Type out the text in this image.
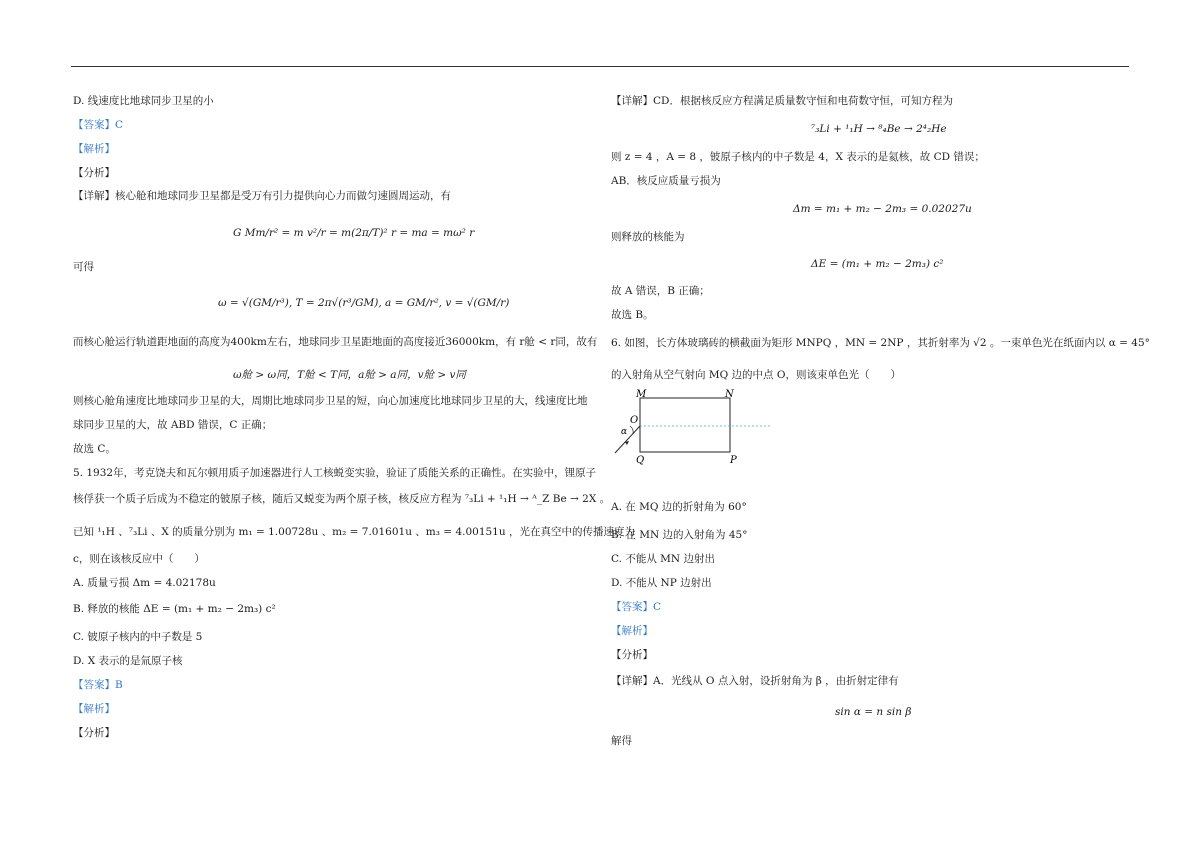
D. 线速度比地球同步卫星的小
【答案】C
【解析】
【分析】
【详解】核心舱和地球同步卫星都是受万有引力提供向心力而做匀速圆周运动，有
G Mm/r² = m v²/r = m(2π/T)² r = ma = mω² r
可得
ω = √(GM/r³), T = 2π√(r³/GM), a = GM/r², v = √(GM/r)
而核心舱运行轨道距地面的高度为400km左右，地球同步卫星距地面的高度接近36000km，有 r舱 < r同，故有
ω舱 > ω同，T舱 < T同，a舱 > a同，v舱 > v同
则核心舱角速度比地球同步卫星的大，周期比地球同步卫星的短，向心加速度比地球同步卫星的大，线速度比地
球同步卫星的大，故 ABD 错误，C 正确；
故选 C。
5. 1932年，考克饶夫和瓦尔顿用质子加速器进行人工核蜕变实验，验证了质能关系的正确性。在实验中，锂原子
核俘获一个质子后成为不稳定的铍原子核，随后又蜕变为两个原子核，核反应方程为 ⁷₃Li + ¹₁H → ᴬ_Z Be → 2X 。
已知 ¹₁H 、⁷₃Li 、X 的质量分别为 m₁ = 1.00728u 、m₂ = 7.01601u 、m₃ = 4.00151u ，光在真空中的传播速度为
c，则在该核反应中（　　）
A. 质量亏损 Δm = 4.02178u
B. 释放的核能 ΔE = (m₁ + m₂ − 2m₃) c²
C. 铍原子核内的中子数是 5
D. X 表示的是氚原子核
【答案】B
【解析】
【分析】
【详解】CD．根据核反应方程满足质量数守恒和电荷数守恒，可知方程为
⁷₃Li + ¹₁H → ⁸₄Be → 2⁴₂He
则 z = 4 ，A = 8 ，铍原子核内的中子数是 4，X 表示的是氦核，故 CD 错误；
AB．核反应质量亏损为
Δm = m₁ + m₂ − 2m₃ = 0.02027u
则释放的核能为
ΔE = (m₁ + m₂ − 2m₃) c²
故 A 错误，B 正确；
故选 B。
6. 如图，长方体玻璃砖的横截面为矩形 MNPQ ，MN = 2NP ，其折射率为 √2 。一束单色光在纸面内以 α = 45°
的入射角从空气射向 MQ 边的中点 O，则该束单色光（　　）
M	N
O
α
Q	P
A. 在 MQ 边的折射角为 60°
B. 在 MN 边的入射角为 45°
C. 不能从 MN 边射出
D. 不能从 NP 边射出
【答案】C
【解析】
【分析】
【详解】A．光线从 O 点入射，设折射角为 β ，由折射定律有
sin α = n sin β
解得
